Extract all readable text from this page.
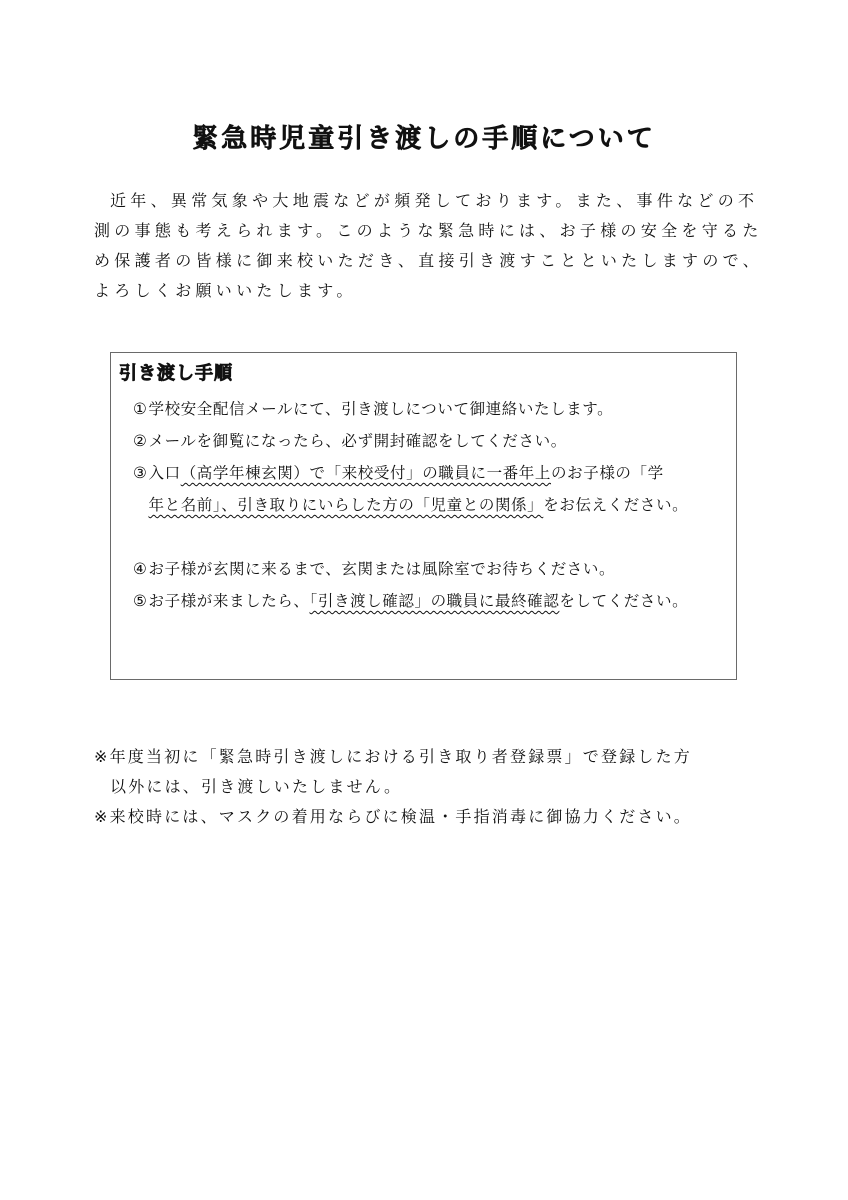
緊急時児童引き渡しの手順について

近年、異常気象や大地震などが頻発しております。また、事件などの不測の事態も考えられます。このような緊急時には、お子様の安全を守るため保護者の皆様に御来校いただき、直接引き渡すことといたしますので、よろしくお願いいたします。

引き渡し手順
①学校安全配信メールにて、引き渡しについて御連絡いたします。
②メールを御覧になったら、必ず開封確認をしてください。
③入口（高学年棟玄関）で「来校受付」の職員に一番年上のお子様の「学
年と名前」、引き取りにいらした方の「児童との関係」をお伝えください。
④お子様が玄関に来るまで、玄関または風除室でお待ちください。
⑤お子様が来ましたら、「引き渡し確認」の職員に最終確認をしてください。
※年度当初に「緊急時引き渡しにおける引き取り者登録票」で登録した方
以外には、引き渡しいたしません。
※来校時には、マスクの着用ならびに検温・手指消毒に御協力ください。
